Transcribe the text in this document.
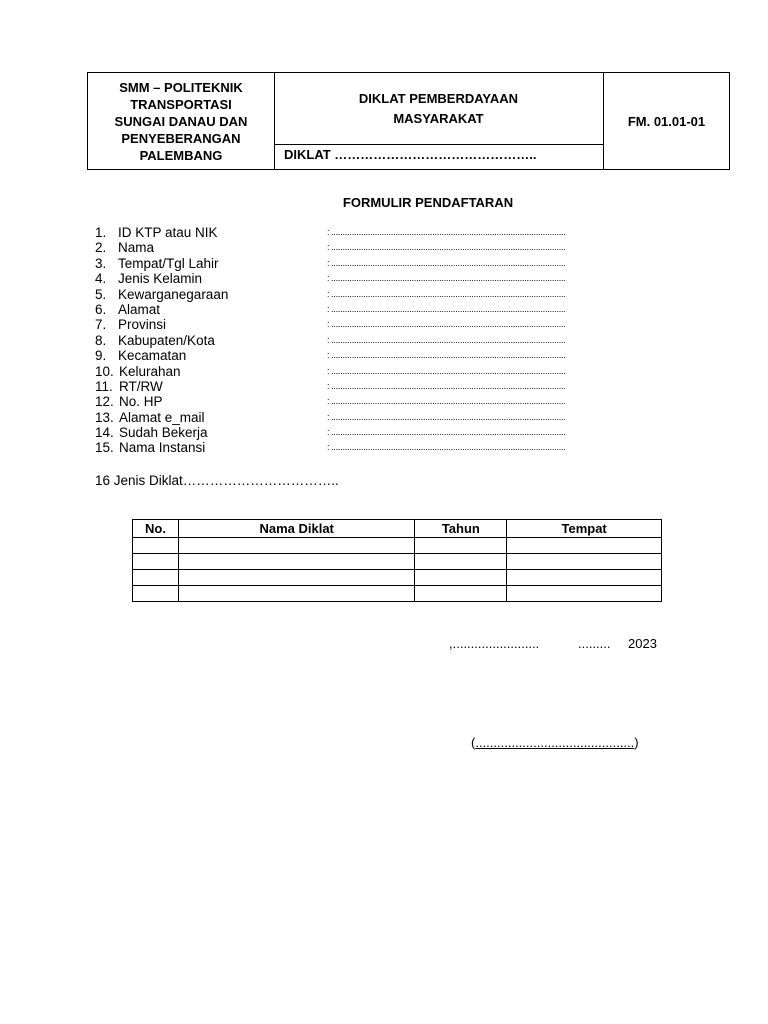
SMM – POLITEKNIK
TRANSPORTASI
SUNGAI DANAU DAN
PENYEBERANGAN
PALEMBANG
DIKLAT PEMBERDAYAAN
MASYARAKAT
DIKLAT ………………………………………..
FM. 01.01-01
FORMULIR PENDAFTARAN
1. ID KTP atau NIK	: ......................................................................................................
2. Nama	: ......................................................................................................
3. Tempat/Tgl Lahir	: ......................................................................................................
4. Jenis Kelamin	: ......................................................................................................
5. Kewarganegaraan	: ......................................................................................................
6. Alamat	: ......................................................................................................
7. Provinsi	: ......................................................................................................
8. Kabupaten/Kota	: ......................................................................................................
9. Kecamatan	: ......................................................................................................
10. Kelurahan	: ......................................................................................................
11. RT/RW	: ......................................................................................................
12. No. HP	: ......................................................................................................
13. Alamat e_mail	: ......................................................................................................
14. Sudah Bekerja	: ......................................................................................................
15. Nama Instansi	: ......................................................................................................
16 Jenis Diklat……………………………..
No.	Nama Diklat	Tahun	Tempat

,........................	......... 2023
(............................................)
